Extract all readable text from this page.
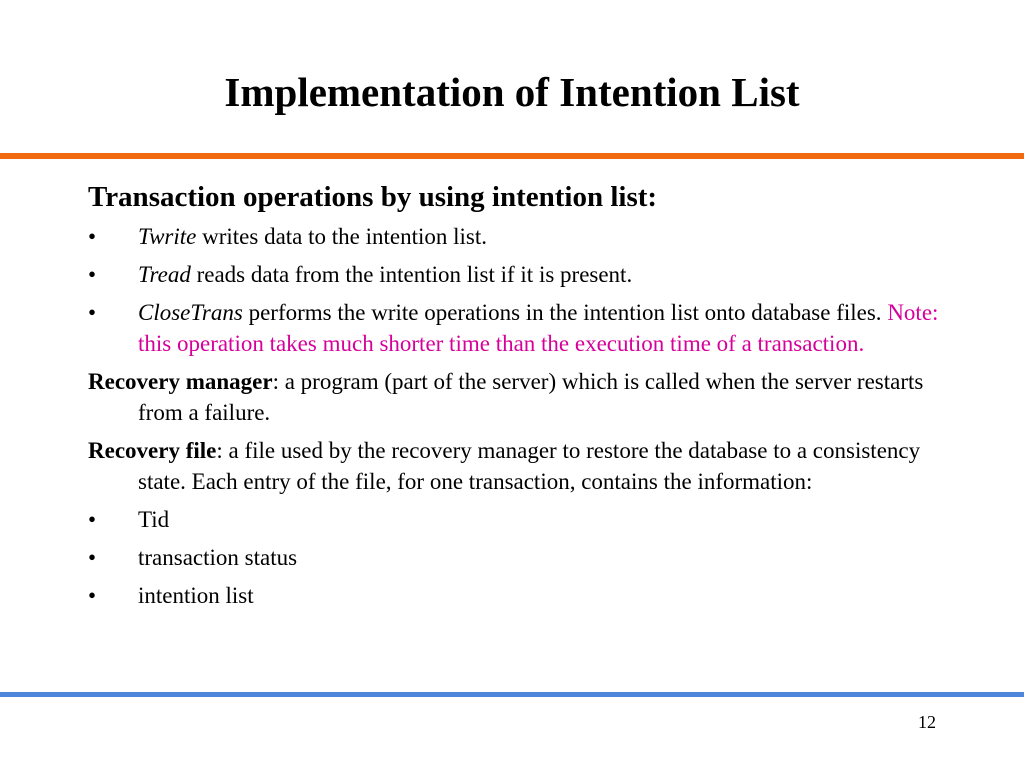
Implementation of Intention List
Transaction operations by using intention list:
• Twrite writes data to the intention list.
• Tread reads data from the intention list if it is present.
• CloseTrans performs the write operations in the intention list onto database files. Note: this operation takes much shorter time than the execution time of a transaction.
Recovery manager: a program (part of the server) which is called when the server restarts from a failure.
Recovery file: a file used by the recovery manager to restore the database to a consistency state. Each entry of the file, for one transaction, contains the information:
• Tid
• transaction status
• intention list
12
